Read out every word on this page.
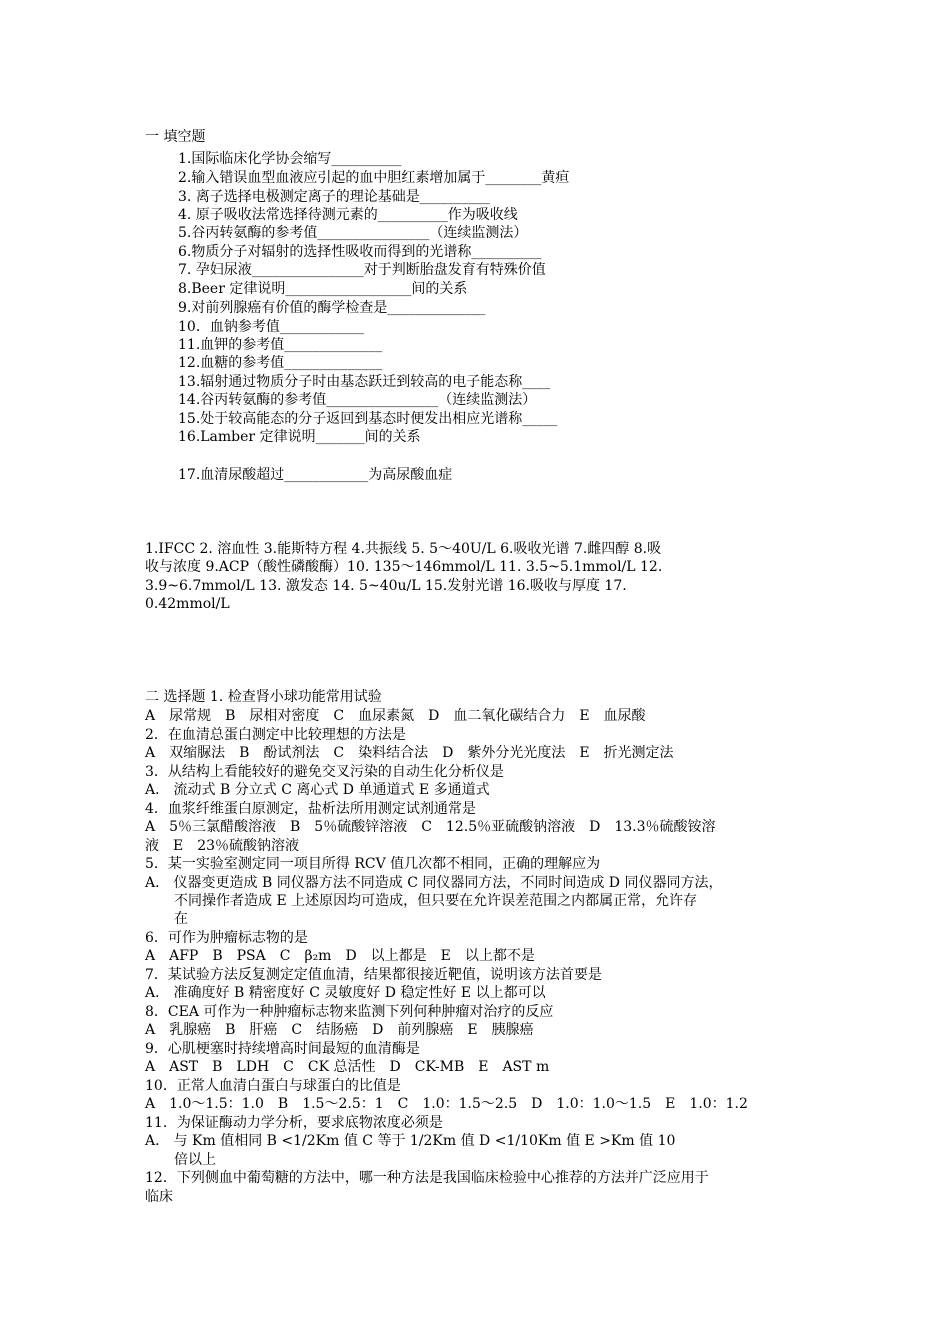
一 填空题
1.国际临床化学协会缩写__________
2.输入错误血型血液应引起的血中胆红素增加属于________黄疸
3. 离子选择电极测定离子的理论基础是__________
4. 原子吸收法常选择待测元素的__________作为吸收线
5.谷丙转氨酶的参考值________________（连续监测法）
6.物质分子对辐射的选择性吸收而得到的光谱称__________
7. 孕妇尿液________________对于判断胎盘发育有特殊价值
8.Beer 定律说明__________________间的关系
9.对前列腺癌有价值的酶学检查是______________
10．血钠参考值____________
11.血钾的参考值______________
12.血糖的参考值______________
13.辐射通过物质分子时由基态跃迁到较高的电子能态称____
14.谷丙转氨酶的参考值________________（连续监测法）
15.处于较高能态的分子返回到基态时便发出相应光谱称_____
16.Lamber 定律说明_______间的关系
17.血清尿酸超过____________为高尿酸血症
1.IFCC 2. 溶血性 3.能斯特方程 4.共振线 5. 5～40U/L 6.吸收光谱 7.雌四醇 8.吸
收与浓度 9.ACP（酸性磷酸酶）10. 135～146mmol/L 11. 3.5~5.1mmol/L 12.
3.9~6.7mmol/L 13. 激发态 14. 5~40u/L 15.发射光谱 16.吸收与厚度 17.
0.42mmol/L
二 选择题 1. 检查肾小球功能常用试验
A　尿常规　B　尿相对密度　C　血尿素氮　D　血二氧化碳结合力　E　血尿酸
2．在血清总蛋白测定中比较理想的方法是
A　双缩脲法　B　酚试剂法　C　染料结合法　D　紫外分光光度法　E　折光测定法
3．从结构上看能较好的避免交叉污染的自动生化分析仪是
A． 流动式 B 分立式 C 离心式 D 单通道式 E 多通道式
4．血浆纤维蛋白原测定，盐析法所用测定试剂通常是
A　5％三氯醋酸溶液　B　5％硫酸锌溶液　C　12.5％亚硫酸钠溶液　D　13.3％硫酸铵溶
液　E　23％硫酸钠溶液
5．某一实验室测定同一项目所得 RCV 值几次都不相同，正确的理解应为
A． 仪器变更造成 B 同仪器方法不同造成 C 同仪器同方法，不同时间造成 D 同仪器同方法，
不同操作者造成 E 上述原因均可造成，但只要在允许误差范围之内都属正常，允许存
在
6．可作为肿瘤标志物的是
A　AFP　B　PSA　C　β₂m　D　以上都是　E　以上都不是
7．某试验方法反复测定定值血清，结果都很接近靶值，说明该方法首要是
A． 准确度好 B 精密度好 C 灵敏度好 D 稳定性好 E 以上都可以
8．CEA 可作为一种肿瘤标志物来监测下列何种肿瘤对治疗的反应
A　乳腺癌　B　肝癌　C　结肠癌　D　前列腺癌　E　胰腺癌
9．心肌梗塞时持续增高时间最短的血清酶是
A　AST　B　LDH　C　CK 总活性　D　CK-MB　E　AST m
10．正常人血清白蛋白与球蛋白的比值是
A　1.0～1.5：1.0　B　1.5～2.5：1　C　1.0：1.5～2.5　D　1.0：1.0～1.5　E　1.0：1.2
11．为保证酶动力学分析，要求底物浓度必须是
A． 与 Km 值相同 B <1/2Km 值 C 等于 1/2Km 值 D <1/10Km 值 E >Km 值 10
倍以上
12．下列侧血中葡萄糖的方法中，哪一种方法是我国临床检验中心推荐的方法并广泛应用于
临床
